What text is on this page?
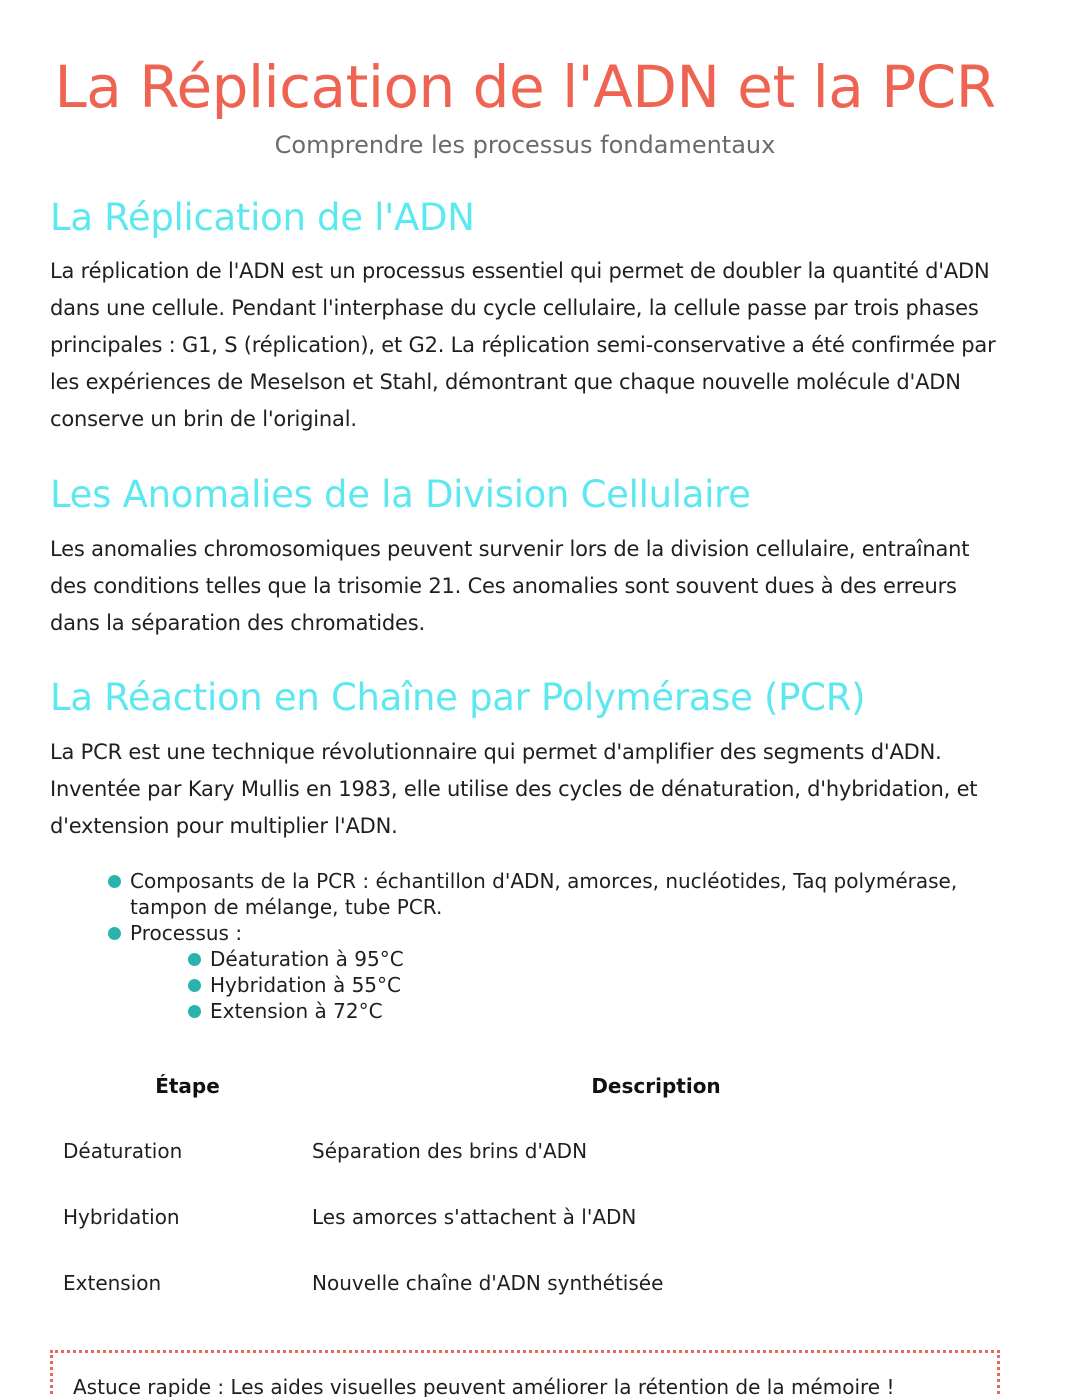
La Réplication de l'ADN et la PCR
Comprendre les processus fondamentaux
La Réplication de l'ADN

La réplication de l'ADN est un processus essentiel qui permet de doubler la quantité d'ADN dans une cellule. Pendant l'interphase du cycle cellulaire, la cellule passe par trois phases principales : G1, S (réplication), et G2. La réplication semi-conservative a été confirmée par les expériences de Meselson et Stahl, démontrant que chaque nouvelle molécule d'ADN conserve un brin de l'original.

Les Anomalies de la Division Cellulaire

Les anomalies chromosomiques peuvent survenir lors de la division cellulaire, entraînant des conditions telles que la trisomie 21. Ces anomalies sont souvent dues à des erreurs dans la séparation des chromatides.

La Réaction en Chaîne par Polymérase (PCR)

La PCR est une technique révolutionnaire qui permet d'amplifier des segments d'ADN. Inventée par Kary Mullis en 1983, elle utilise des cycles de dénaturation, d'hybridation, et d'extension pour multiplier l'ADN.

Composants de la PCR : échantillon d'ADN, amorces, nucléotides, Taq polymérase, tampon de mélange, tube PCR.
Processus :
Déaturation à 95°C
Hybridation à 55°C
Extension à 72°C
Étape	Description
Déaturation	Séparation des brins d'ADN
Hybridation	Les amorces s'attachent à l'ADN
Extension	Nouvelle chaîne d'ADN synthétisée
Astuce rapide : Les aides visuelles peuvent améliorer la rétention de la mémoire !
